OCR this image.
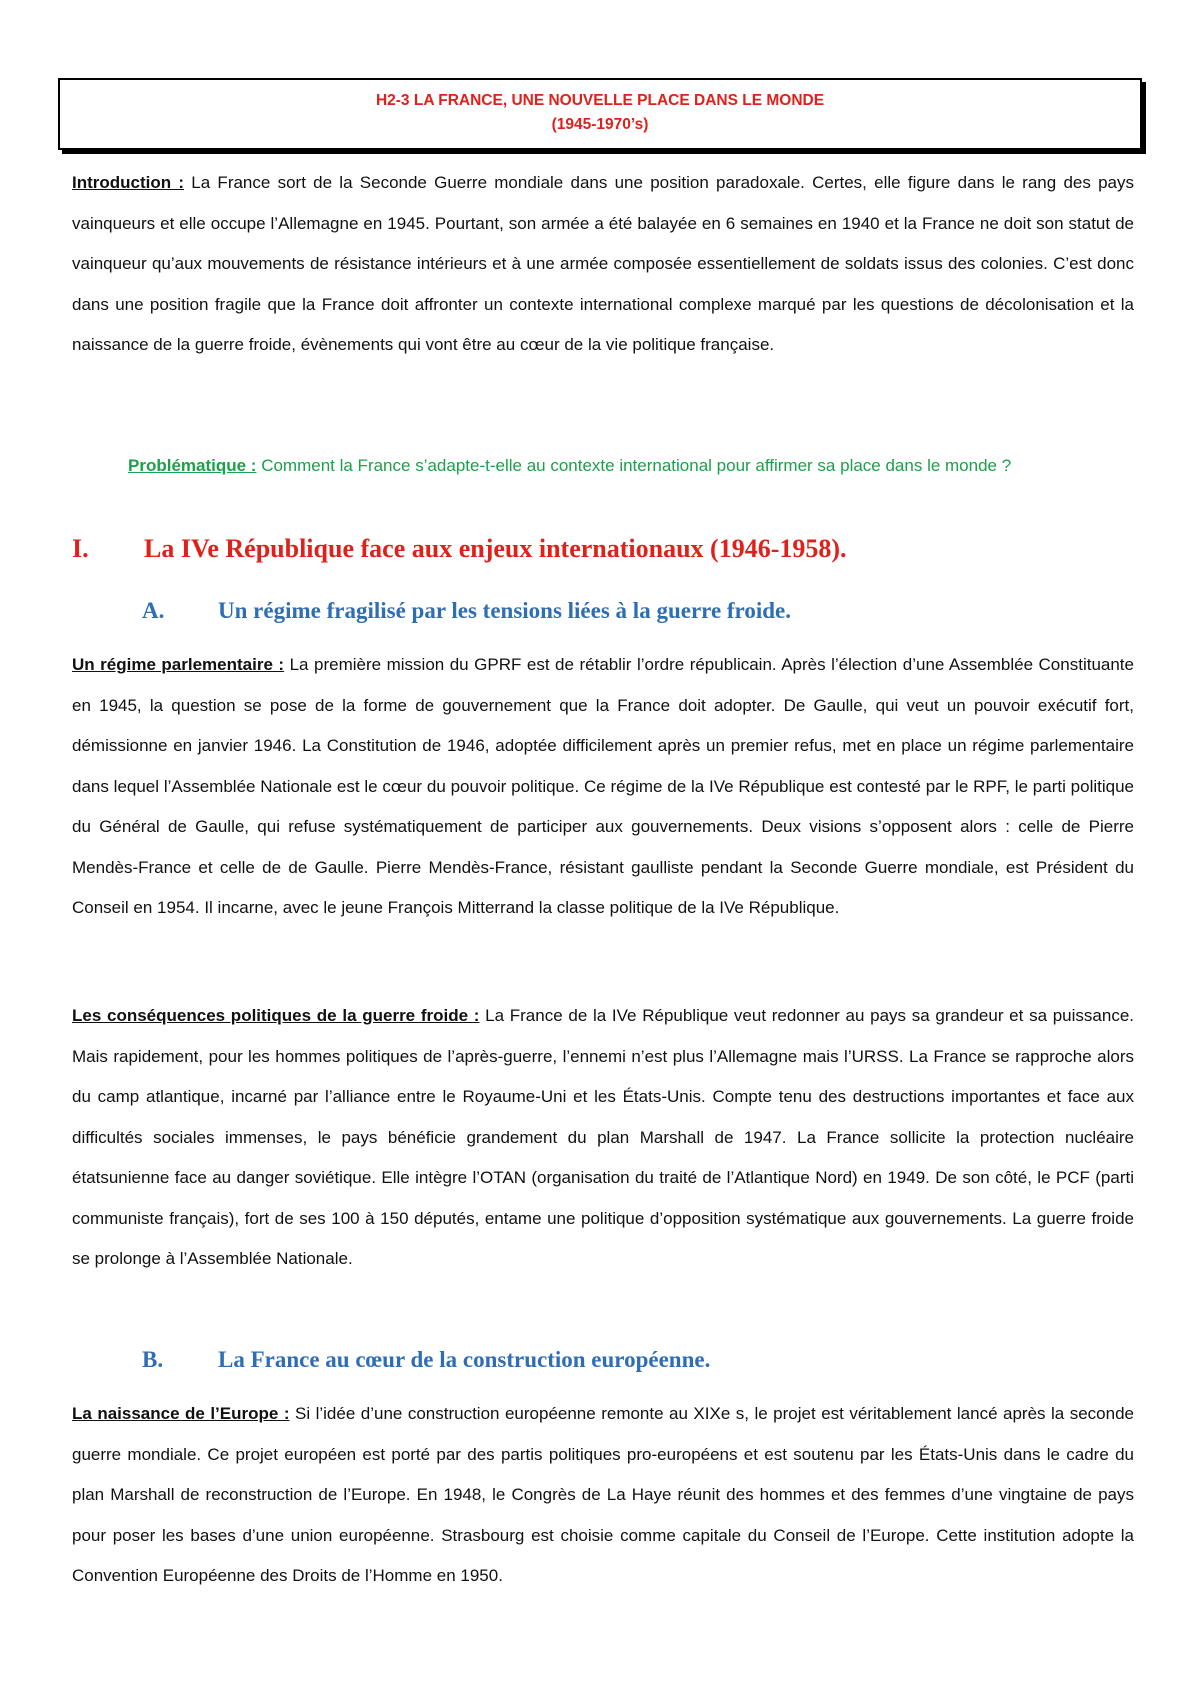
H2-3 LA FRANCE, UNE NOUVELLE PLACE DANS LE MONDE
(1945-1970’s)

Introduction : La France sort de la Seconde Guerre mondiale dans une position paradoxale. Certes, elle figure dans le rang des pays vainqueurs et elle occupe l’Allemagne en 1945. Pourtant, son armée a été balayée en 6 semaines en 1940 et la France ne doit son statut de vainqueur qu’aux mouvements de résistance intérieurs et à une armée composée essentiellement de soldats issus des colonies. C’est donc dans une position fragile que la France doit affronter un contexte international complexe marqué par les questions de décolonisation et la naissance de la guerre froide, évènements qui vont être au cœur de la vie politique française.

Problématique : Comment la France s’adapte-t-elle au contexte international pour affirmer sa place dans le monde ?

I. La IVe République face aux enjeux internationaux (1946-1958).
A. Un régime fragilisé par les tensions liées à la guerre froide.

Un régime parlementaire : La première mission du GPRF est de rétablir l’ordre républicain. Après l’élection d’une Assemblée Constituante en 1945, la question se pose de la forme de gouvernement que la France doit adopter. De Gaulle, qui veut un pouvoir exécutif fort, démissionne en janvier 1946. La Constitution de 1946, adoptée difficilement après un premier refus, met en place un régime parlementaire dans lequel l’Assemblée Nationale est le cœur du pouvoir politique. Ce régime de la IVe République est contesté par le RPF, le parti politique du Général de Gaulle, qui refuse systématiquement de participer aux gouvernements. Deux visions s’opposent alors : celle de Pierre Mendès-France et celle de de Gaulle. Pierre Mendès-France, résistant gaulliste pendant la Seconde Guerre mondiale, est Président du Conseil en 1954. Il incarne, avec le jeune François Mitterrand la classe politique de la IVe République.

Les conséquences politiques de la guerre froide : La France de la IVe République veut redonner au pays sa grandeur et sa puissance. Mais rapidement, pour les hommes politiques de l’après-guerre, l’ennemi n’est plus l’Allemagne mais l’URSS. La France se rapproche alors du camp atlantique, incarné par l’alliance entre le Royaume-Uni et les États-Unis. Compte tenu des destructions importantes et face aux difficultés sociales immenses, le pays bénéficie grandement du plan Marshall de 1947. La France sollicite la protection nucléaire étatsunienne face au danger soviétique. Elle intègre l’OTAN (organisation du traité de l’Atlantique Nord) en 1949. De son côté, le PCF (parti communiste français), fort de ses 100 à 150 députés, entame une politique d’opposition systématique aux gouvernements. La guerre froide se prolonge à l’Assemblée Nationale.

B. La France au cœur de la construction européenne.

La naissance de l’Europe : Si l’idée d’une construction européenne remonte au XIXe s, le projet est véritablement lancé après la seconde guerre mondiale. Ce projet européen est porté par des partis politiques pro-européens et est soutenu par les États-Unis dans le cadre du plan Marshall de reconstruction de l’Europe. En 1948, le Congrès de La Haye réunit des hommes et des femmes d’une vingtaine de pays pour poser les bases d’une union européenne. Strasbourg est choisie comme capitale du Conseil de l’Europe. Cette institution adopte la Convention Européenne des Droits de l’Homme en 1950.
